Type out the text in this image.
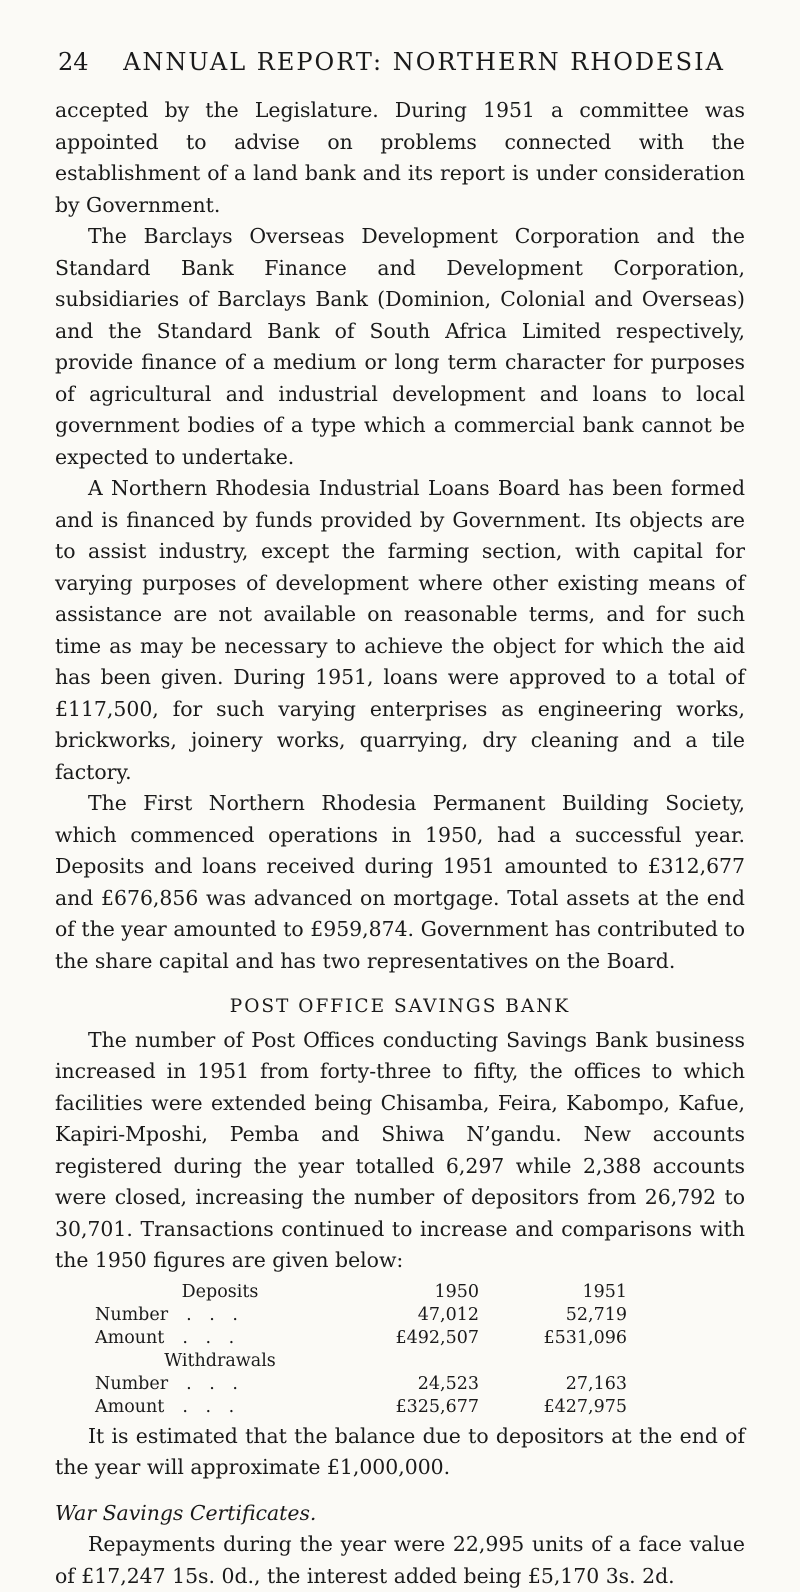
24	ANNUAL REPORT: NORTHERN RHODESIA

accepted by the Legislature. During 1951 a committee was appointed to advise on problems connected with the establishment of a land bank and its report is under consideration by Government.

The Barclays Overseas Development Corporation and the Standard Bank Finance and Development Corporation, subsidiaries of Barclays Bank (Dominion, Colonial and Overseas) and the Standard Bank of South Africa Limited respectively, provide finance of a medium or long term character for purposes of agricultural and industrial development and loans to local government bodies of a type which a commercial bank cannot be expected to undertake.

A Northern Rhodesia Industrial Loans Board has been formed and is financed by funds provided by Government. Its objects are to assist industry, except the farming section, with capital for varying purposes of development where other existing means of assistance are not available on reasonable terms, and for such time as may be necessary to achieve the object for which the aid has been given. During 1951, loans were approved to a total of £117,500, for such varying enterprises as engineering works, brickworks, joinery works, quarrying, dry cleaning and a tile factory.

The First Northern Rhodesia Permanent Building Society, which commenced operations in 1950, had a successful year. Deposits and loans received during 1951 amounted to £312,677 and £676,856 was advanced on mortgage. Total assets at the end of the year amounted to £959,874. Government has contributed to the share capital and has two representatives on the Board.

POST OFFICE SAVINGS BANK

The number of Post Offices conducting Savings Bank business increased in 1951 from forty-three to fifty, the offices to which facilities were extended being Chisamba, Feira, Kabompo, Kafue, Kapiri-Mposhi, Pemba and Shiwa N’gandu. New accounts registered during the year totalled 6,297 while 2,388 accounts were closed, increasing the number of depositors from 26,792 to 30,701. Transactions continued to increase and comparisons with the 1950 figures are given below:

Deposits	1950	1951
Number . . .	47,012	52,719
Amount . . .	£492,507	£531,096
Withdrawals		
Number . . .	24,523	27,163
Amount . . .	£325,677	£427,975

It is estimated that the balance due to depositors at the end of the year will approximate £1,000,000.

War Savings Certificates.

Repayments during the year were 22,995 units of a face value of £17,247 15s. 0d., the interest added being £5,170 3s. 2d.
